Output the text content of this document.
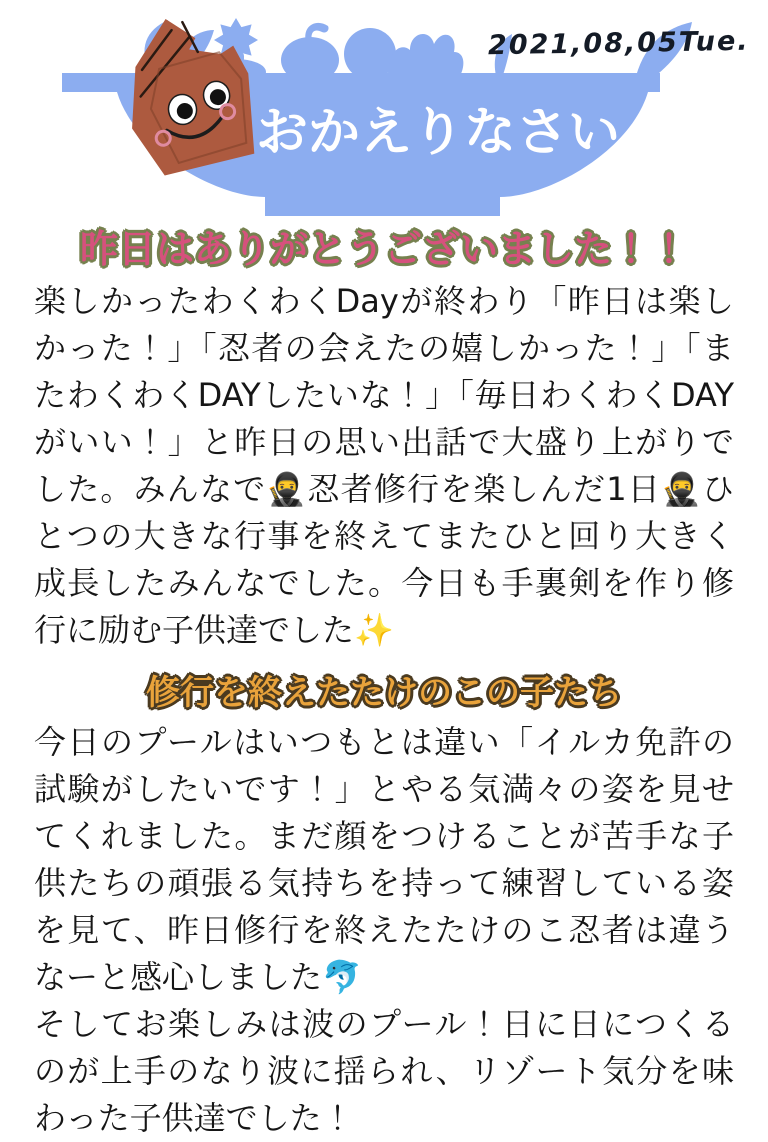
おかえりなさい
2021,08,05Tue.
昨日はありがとうございました！！

楽しかったわくわくDayが終わり「昨日は楽しかった！」「忍者の会えたの嬉しかった！」「またわくわくDAYしたいな！」「毎日わくわくDAYがいい！」と昨日の思い出話で大盛り上がりでした。みんなで🥷忍者修行を楽しんだ1日🥷ひとつの大きな行事を終えてまたひと回り大きく成長したみんなでした。今日も手裏剣を作り修行に励む子供達でした✨

修行を終えたたけのこの子たち

今日のプールはいつもとは違い「イルカ免許の試験がしたいです！」とやる気満々の姿を見せてくれました。まだ顔をつけることが苦手な子供たちの頑張る気持ちを持って練習している姿を見て、昨日修行を終えたたけのこ忍者は違うなーと感心しました🐬

そしてお楽しみは波のプール！日に日につくるのが上手のなり波に揺られ、リゾート気分を味わった子供達でした！
